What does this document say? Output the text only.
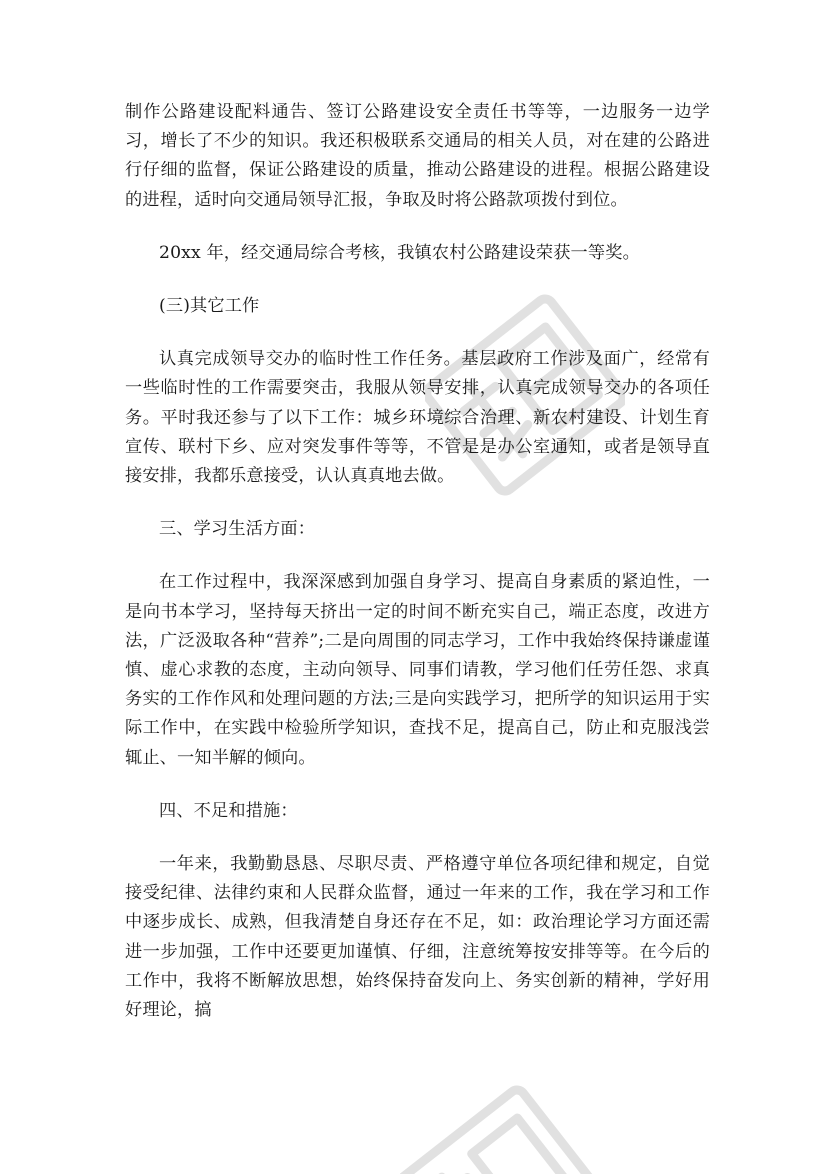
制作公路建设配料通告、签订公路建设安全责任书等等，一边服务一边学习，增长了不少的知识。我还积极联系交通局的相关人员，对在建的公路进行仔细的监督，保证公路建设的质量，推动公路建设的进程。根据公路建设的进程，适时向交通局领导汇报，争取及时将公路款项拨付到位。

20xx 年，经交通局综合考核，我镇农村公路建设荣获一等奖。

(三)其它工作

认真完成领导交办的临时性工作任务。基层政府工作涉及面广，经常有一些临时性的工作需要突击，我服从领导安排，认真完成领导交办的各项任务。平时我还参与了以下工作：城乡环境综合治理、新农村建设、计划生育宣传、联村下乡、应对突发事件等等，不管是是办公室通知，或者是领导直接安排，我都乐意接受，认认真真地去做。

三、学习生活方面：

在工作过程中，我深深感到加强自身学习、提高自身素质的紧迫性，一是向书本学习，坚持每天挤出一定的时间不断充实自己，端正态度，改进方法，广泛汲取各种“营养”;二是向周围的同志学习，工作中我始终保持谦虚谨慎、虚心求教的态度，主动向领导、同事们请教，学习他们任劳任怨、求真务实的工作作风和处理问题的方法;三是向实践学习，把所学的知识运用于实际工作中，在实践中检验所学知识，查找不足，提高自己，防止和克服浅尝辄止、一知半解的倾向。

四、不足和措施：

一年来，我勤勤恳恳、尽职尽责、严格遵守单位各项纪律和规定，自觉接受纪律、法律约束和人民群众监督，通过一年来的工作，我在学习和工作中逐步成长、成熟，但我清楚自身还存在不足，如：政治理论学习方面还需进一步加强，工作中还要更加谨慎、仔细，注意统筹按安排等等。在今后的工作中，我将不断解放思想，始终保持奋发向上、务实创新的精神，学好用好理论，搞
